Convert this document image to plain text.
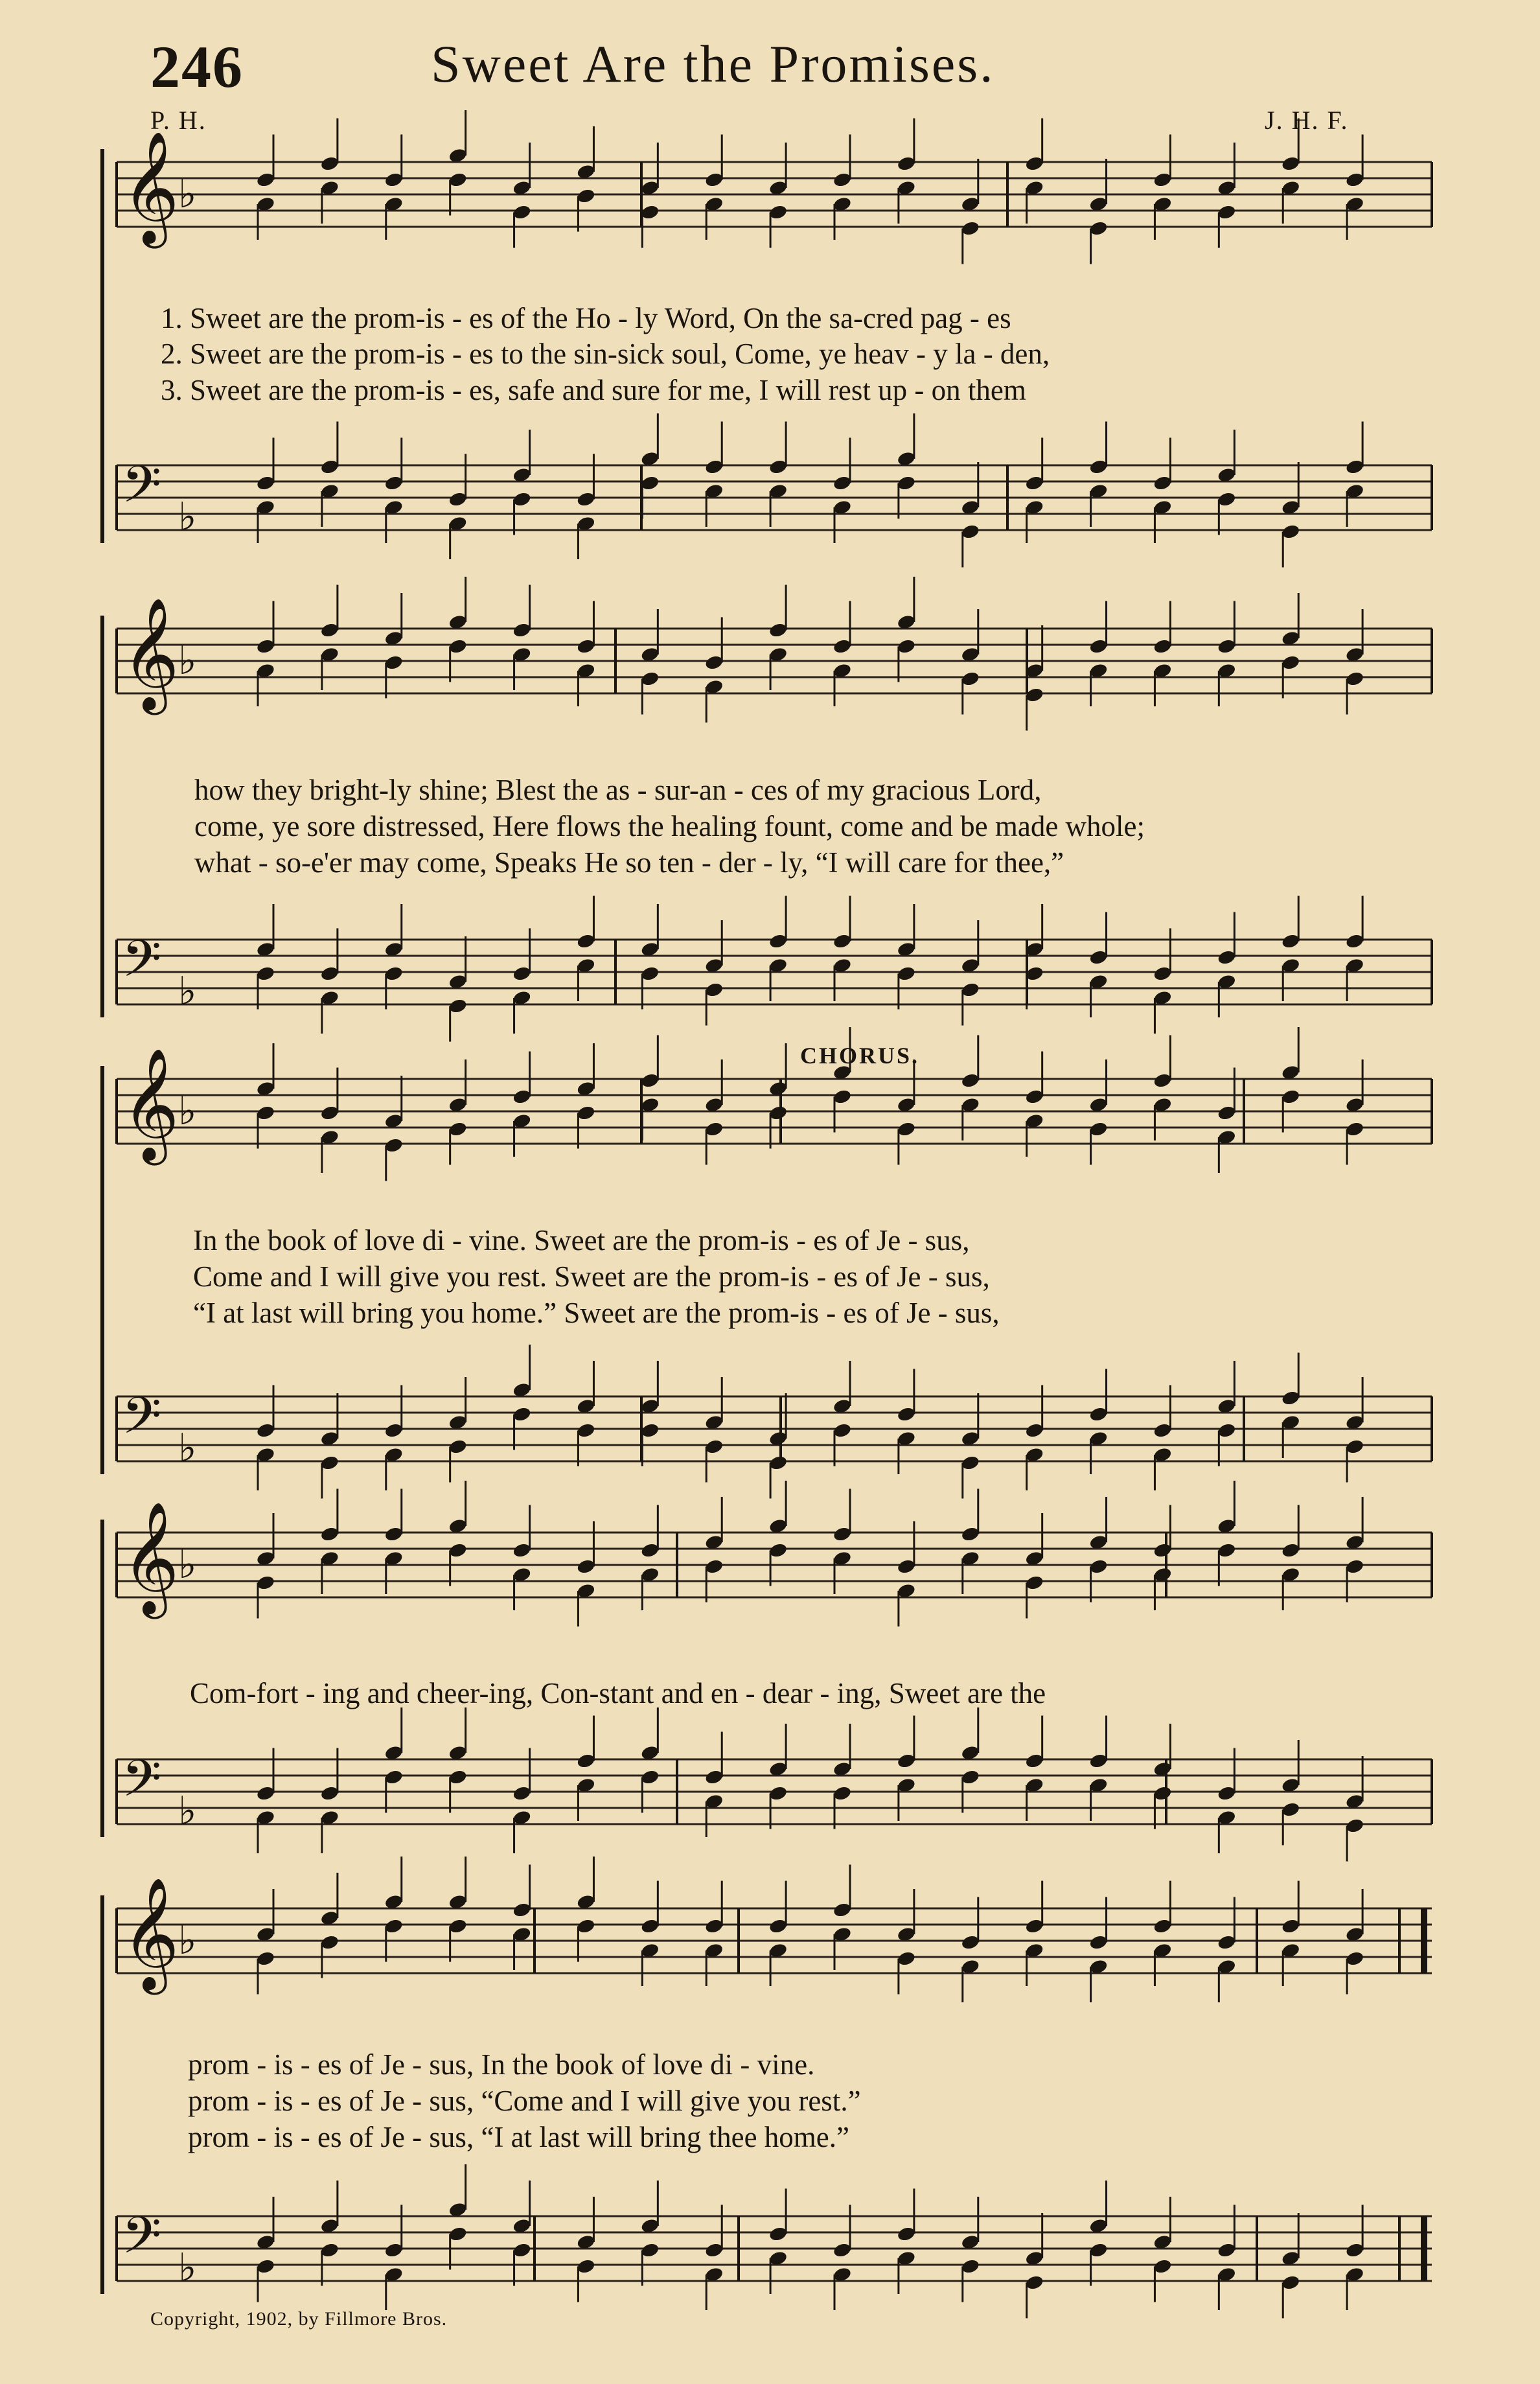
246	Sweet Are the Promises.
P. H.	J. H. F.
𝄞
♭
𝄢 ♭
1. Sweet are the prom-is - es of the Ho - ly Word, On the sa-cred pag - es
2. Sweet are the prom-is - es to the sin-sick soul, Come, ye heav - y la - den,
3. Sweet are the prom-is - es, safe and sure for me, I will rest up - on them
𝄞
♭
𝄢 ♭
how they bright-ly shine; Blest the as - sur-an - ces of my gracious Lord,
come, ye sore distressed, Here flows the healing fount, come and be made whole;
what - so-e'er may come, Speaks He so ten - der - ly, “I will care for thee,”
CHORUS.
𝄞
♭
𝄢 ♭
In the book of love di - vine. Sweet are the prom-is - es of Je - sus,
Come and I will give you rest. Sweet are the prom-is - es of Je - sus,
“I at last will bring you home.” Sweet are the prom-is - es of Je - sus,
𝄞
♭
𝄢 ♭
Com-fort - ing and cheer-ing, Con-stant and en - dear - ing, Sweet are the
𝄞
♭
𝄢 ♭
prom - is - es of Je - sus, In the book of love di - vine.
prom - is - es of Je - sus, “Come and I will give you rest.”
prom - is - es of Je - sus, “I at last will bring thee home.”
Copyright, 1902, by Fillmore Bros.
